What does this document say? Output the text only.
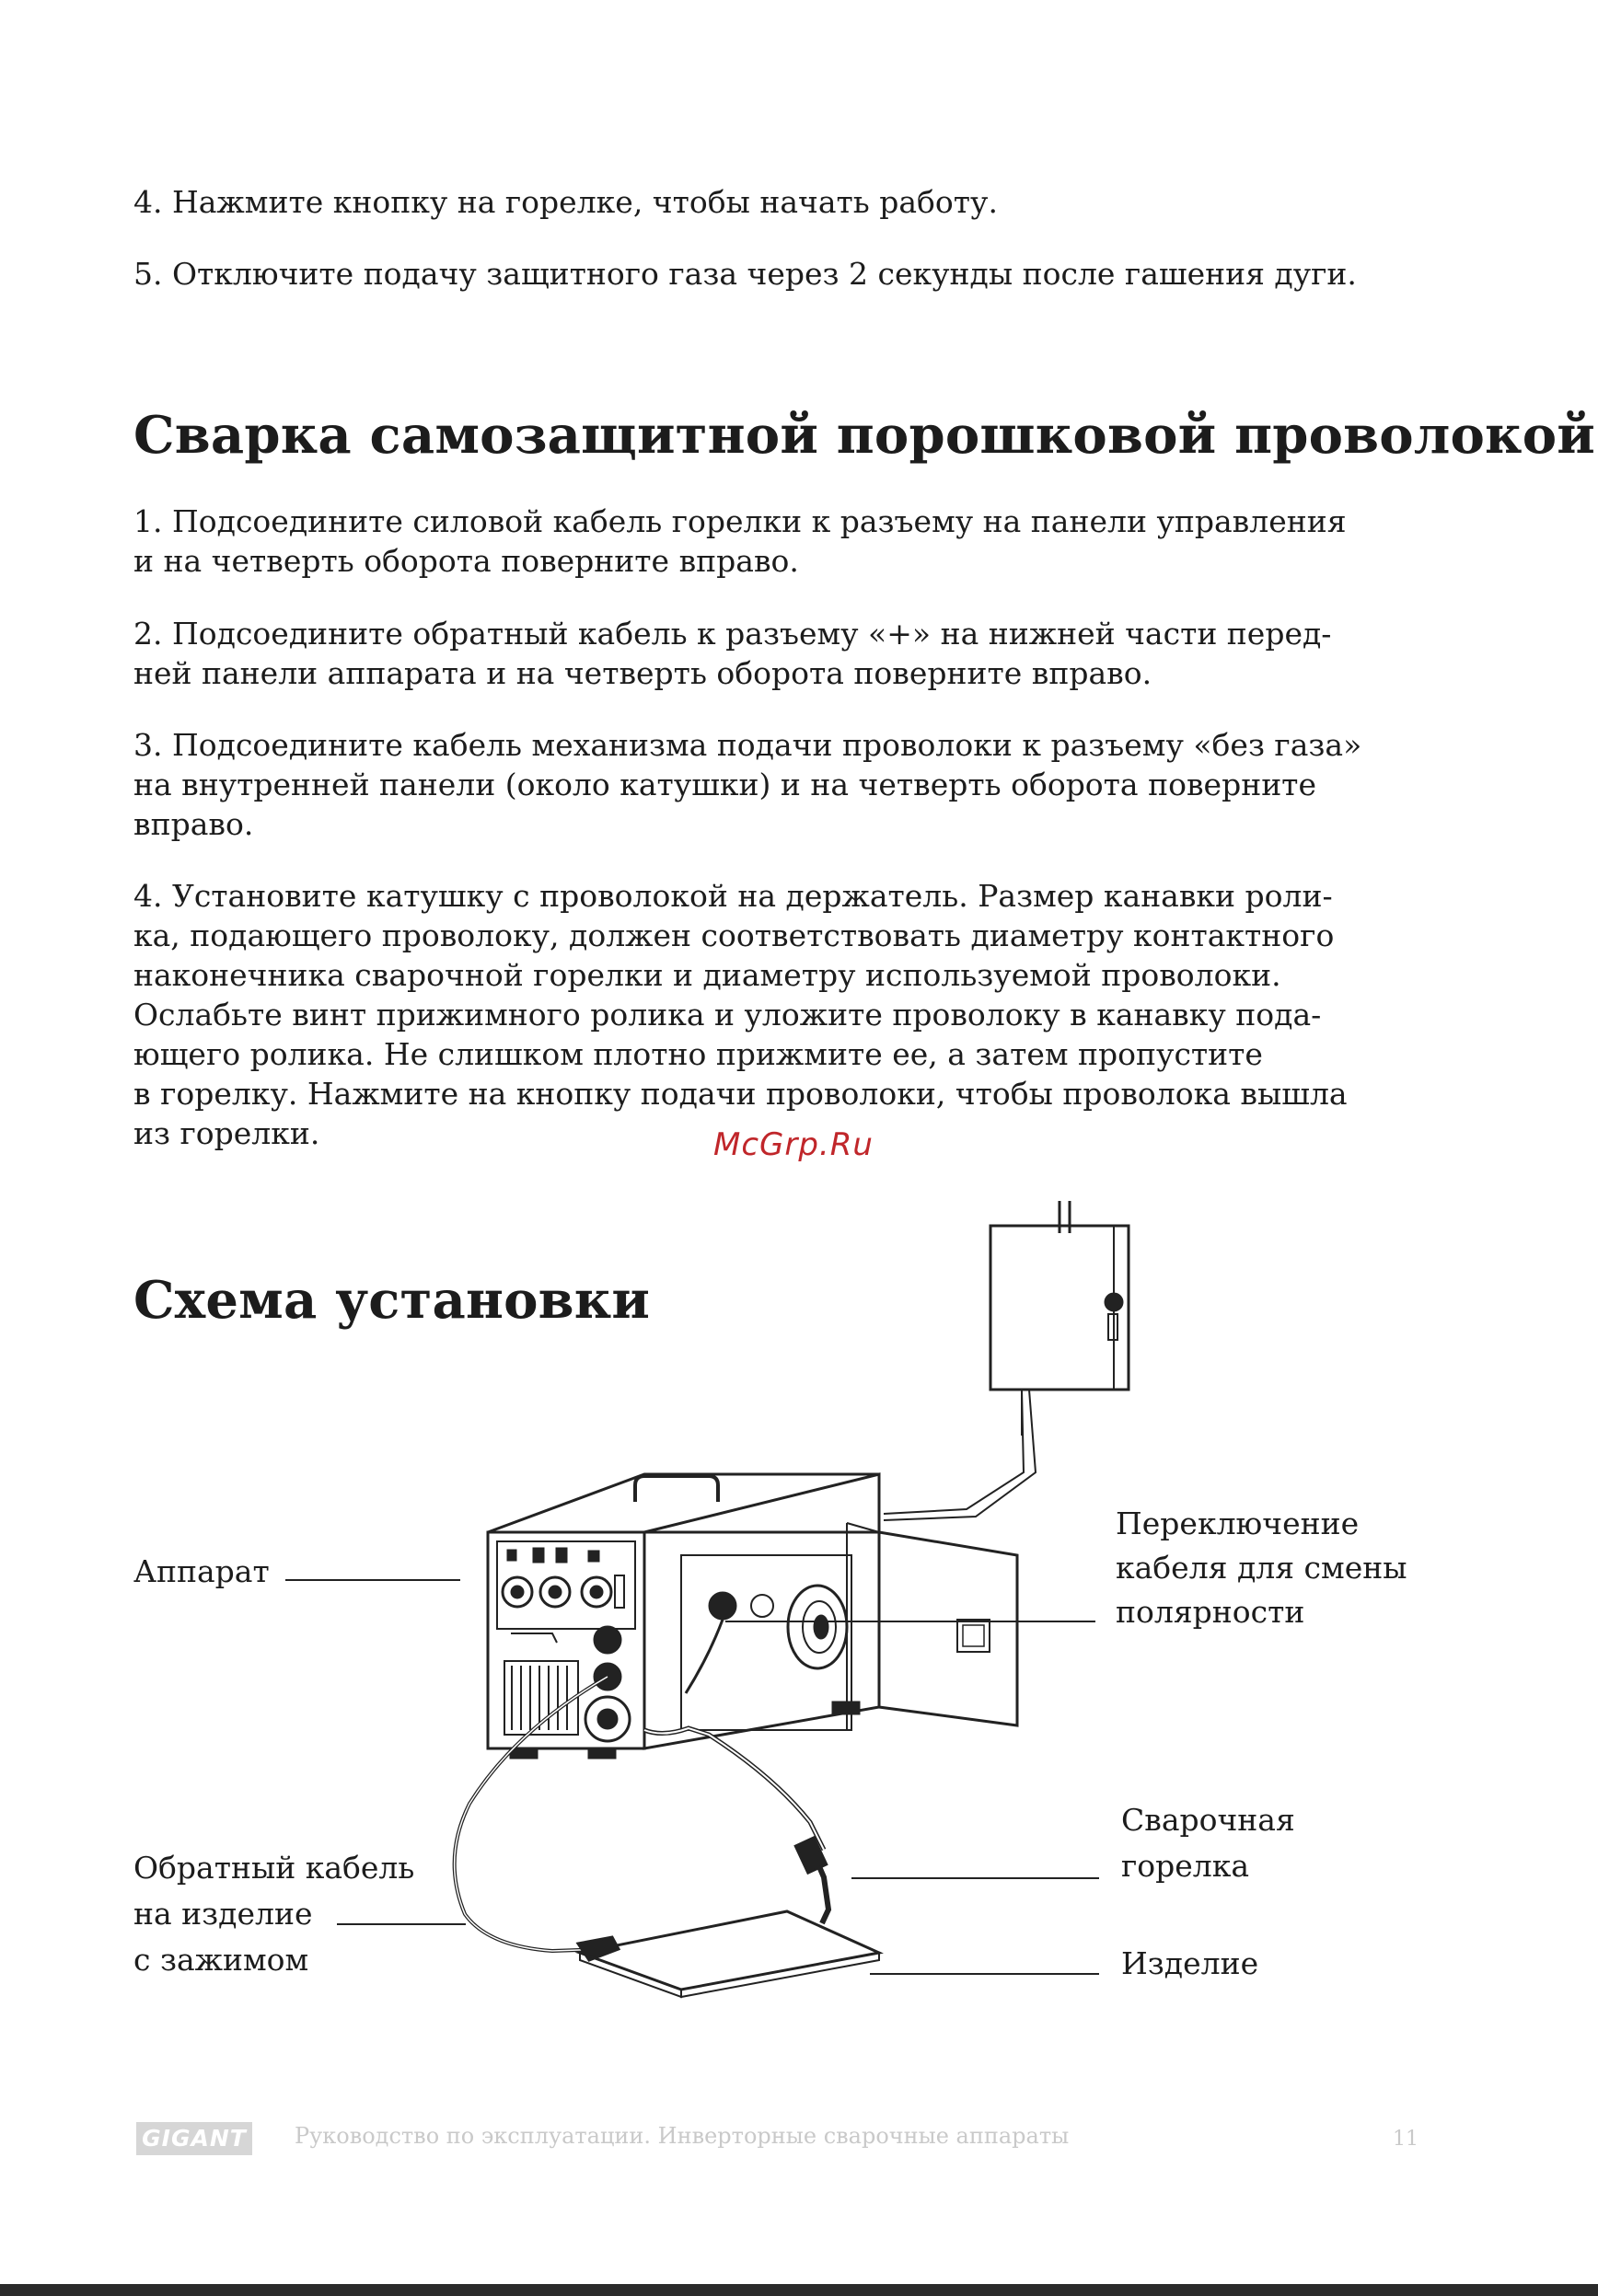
4. Нажмите кнопку на горелке, чтобы начать работу.

5. Отключите подачу защитного газа через 2 секунды после гашения дуги.

Сварка самозащитной порошковой проволокой
1. Подсоедините силовой кабель горелки к разъему на панели управления
и на четверть оборота поверните вправо.
2. Подсоедините обратный кабель к разъему «+» на нижней части перед-
ней панели аппарата и на четверть оборота поверните вправо.
3. Подсоедините кабель механизма подачи проволоки к разъему «без газа»
на внутренней панели (около катушки) и на четверть оборота поверните
вправо.
4. Установите катушку с проволокой на держатель. Размер канавки роли-
ка, подающего проволоку, должен соответствовать диаметру контактного
наконечника сварочной горелки и диаметру используемой проволоки.
Ослабьте винт прижимного ролика и уложите проволоку в канавку пода-
ющего ролика. Не слишком плотно прижмите ее, а затем пропустите
в горелку. Нажмите на кнопку подачи проволоки, чтобы проволока вышла
из горелки.	McGrp.Ru
Схема установки
Аппарат
Переключение
кабеля для смены
полярности
Сварочная
горелка
Обратный кабель
на изделие
с зажимом	Изделие
GIGANT Руководство по эксплуатации. Инверторные сварочные аппараты	11
